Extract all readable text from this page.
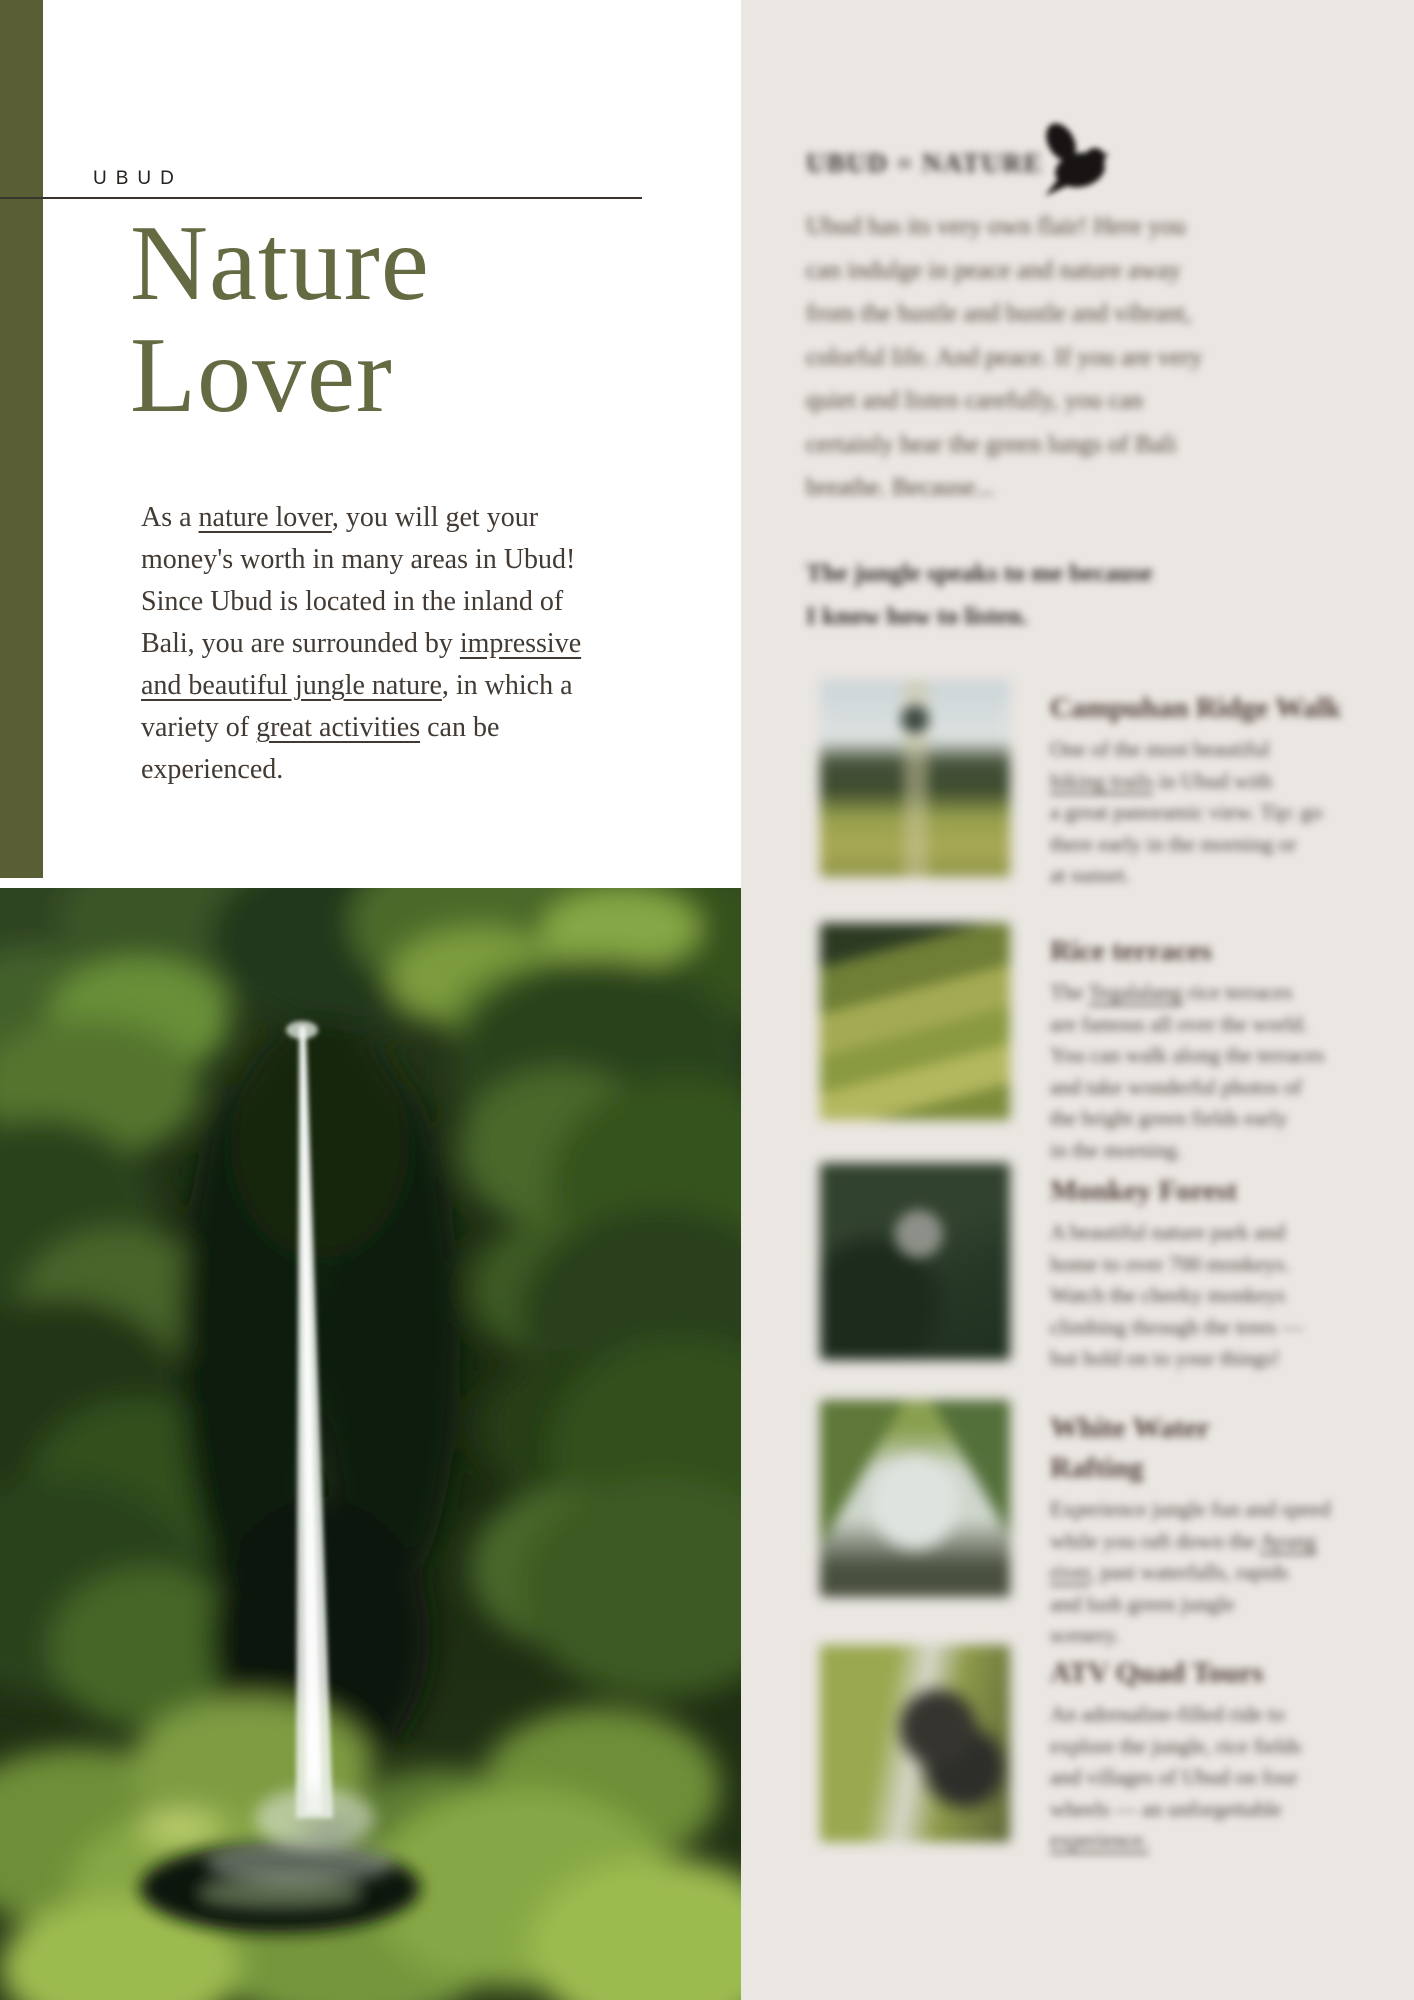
UBUD
Nature
Lover
As a nature lover, you will get your
money's worth in many areas in Ubud!
Since Ubud is located in the inland of
Bali, you are surrounded by impressive
and beautiful jungle nature, in which a
variety of great activities can be
experienced.
UBUD = NATURE
Ubud has its very own flair! Here you
can indulge in peace and nature away
from the hustle and bustle and vibrant,
colorful life. And peace. If you are very
quiet and listen carefully, you can
certainly hear the green lungs of Bali
breathe. Because...
The jungle speaks to me because
I know how to listen.
Campuhan Ridge Walk
One of the most beautiful
hiking trails in Ubud with
a great panoramic view. Tip: go
there early in the morning or
at sunset.
Rice terraces
The Tegalalang rice terraces
are famous all over the world.
You can walk along the terraces
and take wonderful photos of
the bright green fields early
in the morning.
Monkey Forest
A beautiful nature park and
home to over 700 monkeys.
Watch the cheeky monkeys
climbing through the trees —
but hold on to your things!
White Water
Rafting
Experience jungle fun and speed
while you raft down the Ayung
river, past waterfalls, rapids
and lush green jungle
scenery.
ATV Quad Tours
An adrenaline-filled ride to
explore the jungle, rice fields
and villages of Ubud on four
wheels — an unforgettable
experience.
